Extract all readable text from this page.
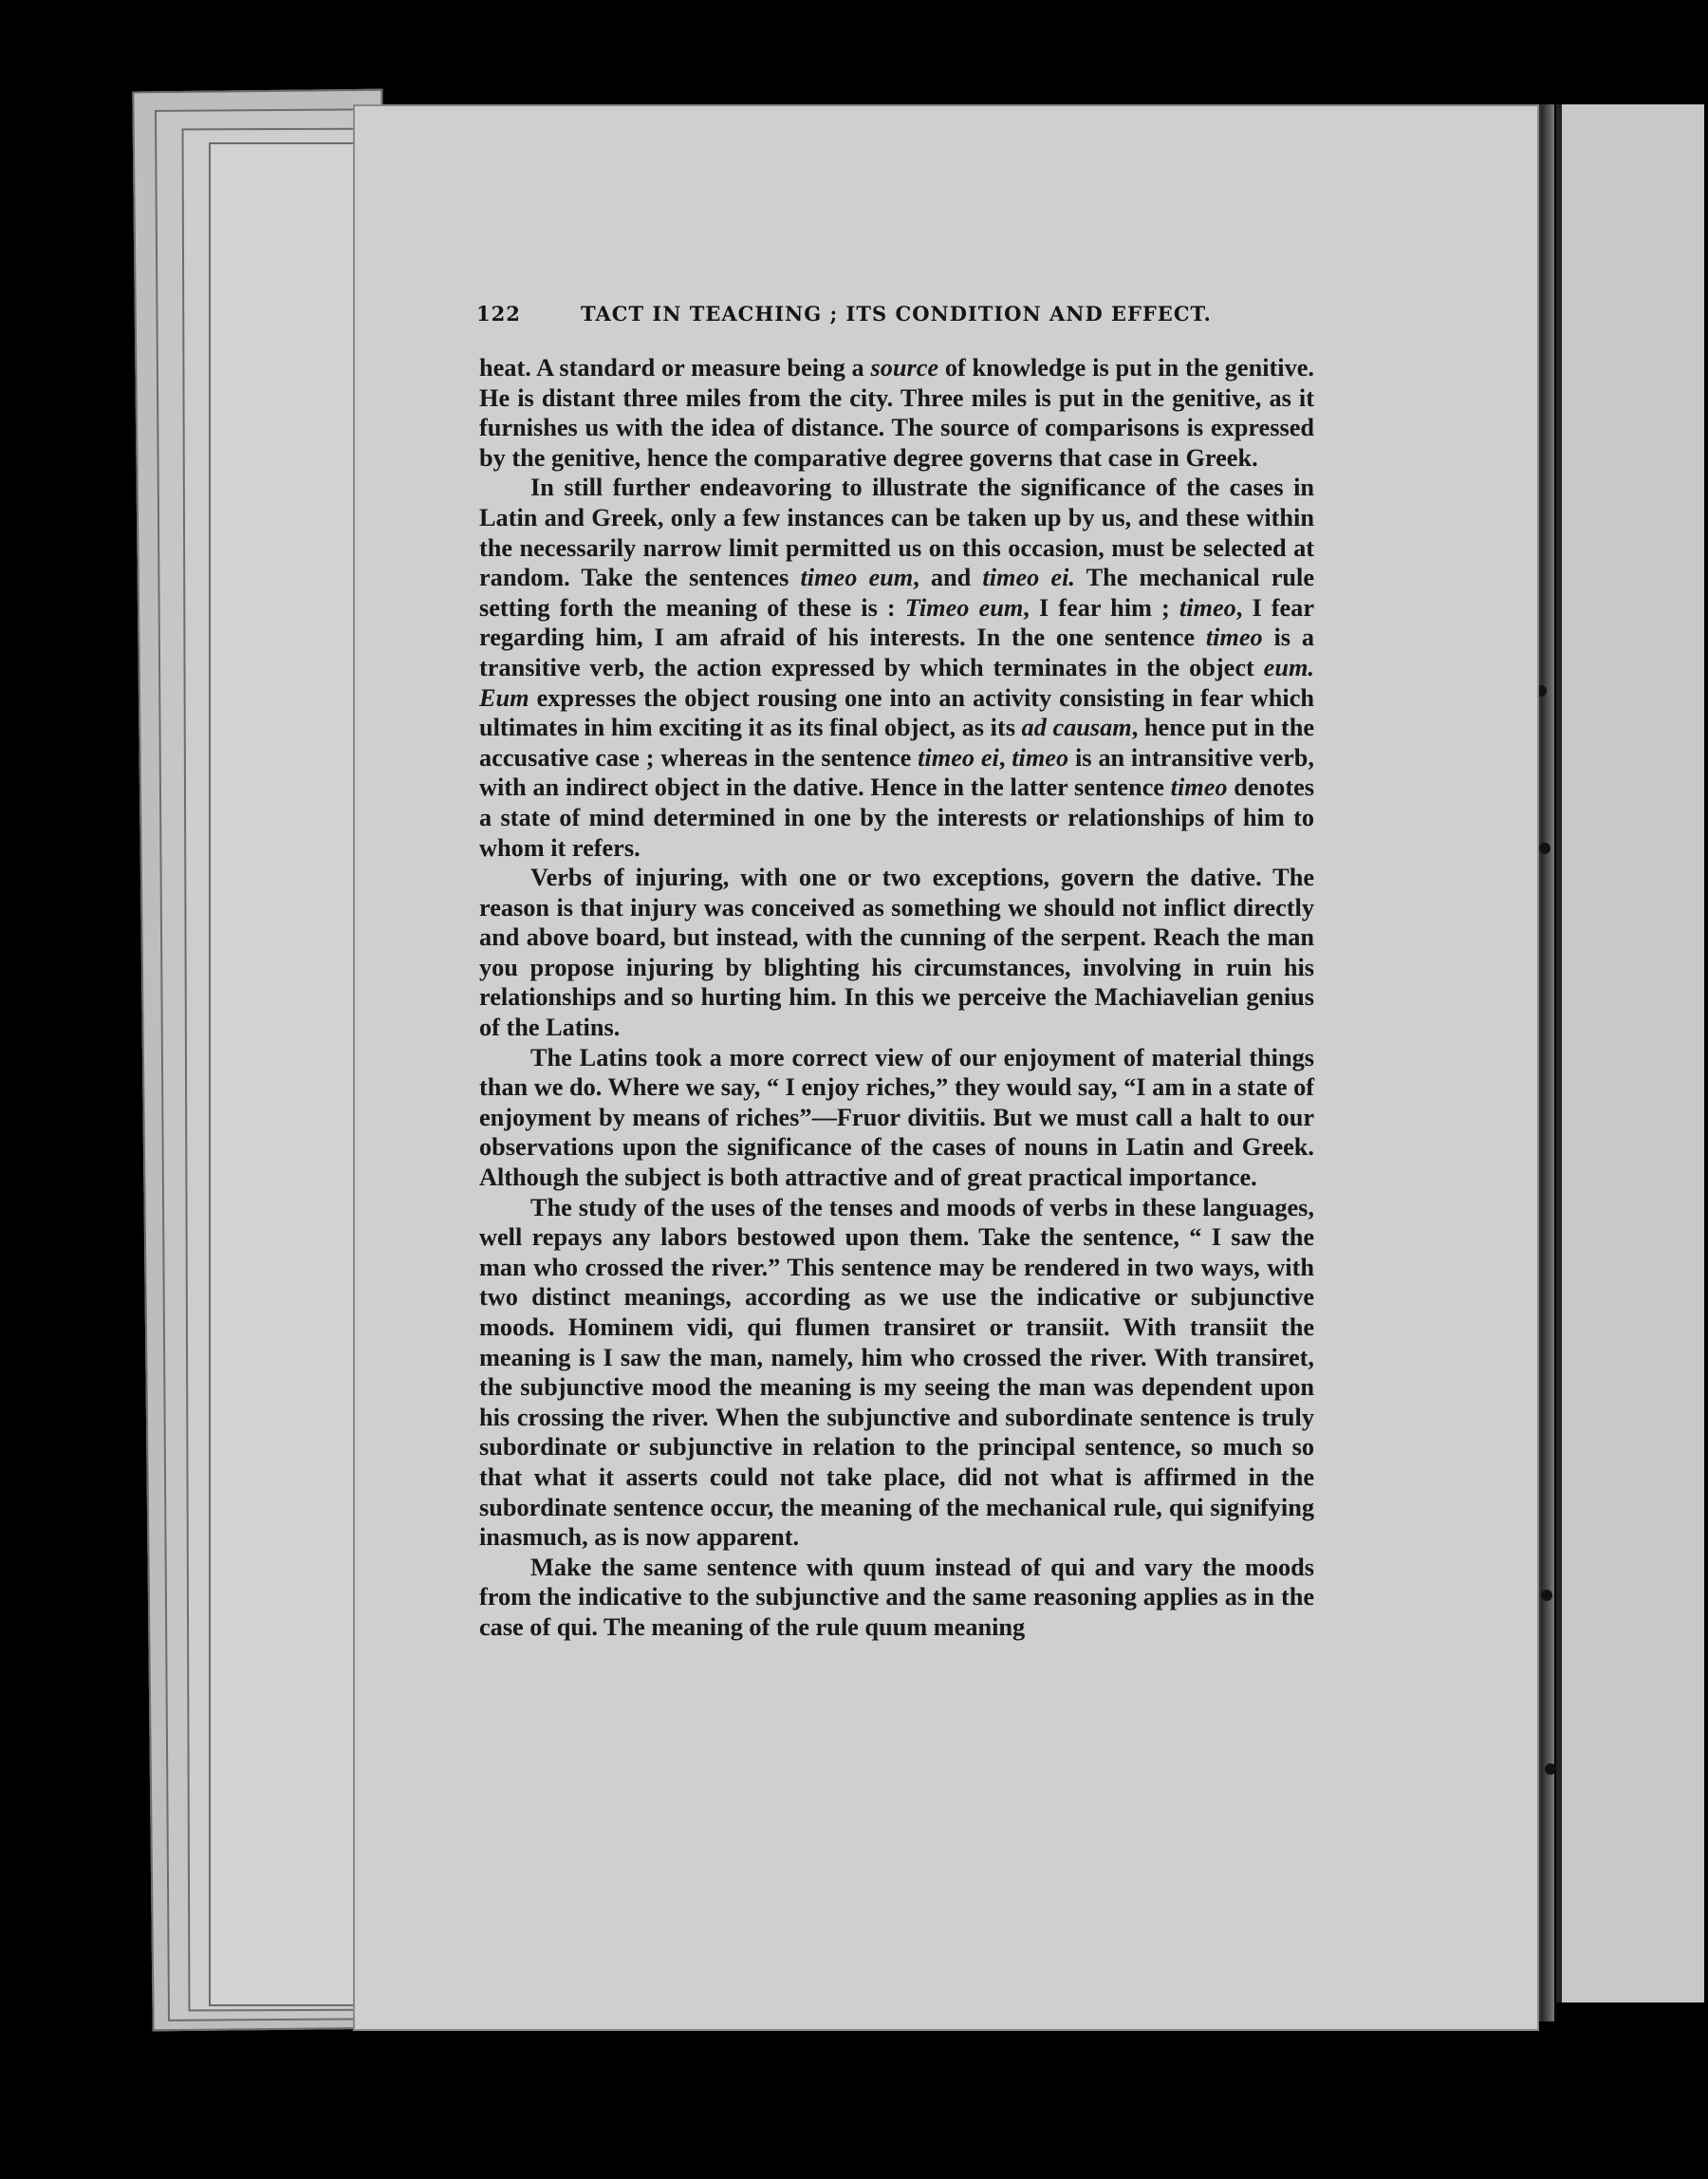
122	TACT IN TEACHING ; ITS CONDITION AND EFFECT.

heat. A standard or measure being a source of knowledge is put in the genitive. He is distant three miles from the city. Three miles is put in the genitive, as it furnishes us with the idea of distance. The source of comparisons is expressed by the genitive, hence the comparative degree governs that case in Greek.

In still further endeavoring to illustrate the significance of the cases in Latin and Greek, only a few instances can be taken up by us, and these within the necessarily narrow limit permitted us on this occasion, must be selected at random. Take the sentences timeo eum, and timeo ei. The mechanical rule setting forth the meaning of these is : Timeo eum, I fear him ; timeo, I fear regarding him, I am afraid of his interests. In the one sentence timeo is a transitive verb, the action expressed by which terminates in the object eum. Eum expresses the object rousing one into an activity consisting in fear which ultimates in him exciting it as its final object, as its ad causam, hence put in the accusative case ; whereas in the sentence timeo ei, timeo is an intransitive verb, with an indirect object in the dative. Hence in the latter sentence timeo denotes a state of mind determined in one by the interests or relationships of him to whom it refers.

Verbs of injuring, with one or two exceptions, govern the dative. The reason is that injury was conceived as something we should not inflict directly and above board, but instead, with the cunning of the serpent. Reach the man you propose injuring by blighting his circumstances, involving in ruin his relationships and so hurting him. In this we perceive the Machiavelian genius of the Latins.

The Latins took a more correct view of our enjoyment of material things than we do. Where we say, “ I enjoy riches,” they would say, “I am in a state of enjoyment by means of riches”—Fruor divitiis. But we must call a halt to our observations upon the significance of the cases of nouns in Latin and Greek. Although the subject is both attractive and of great practical importance.

The study of the uses of the tenses and moods of verbs in these languages, well repays any labors bestowed upon them. Take the sentence, “ I saw the man who crossed the river.” This sentence may be rendered in two ways, with two distinct meanings, according as we use the indicative or subjunctive moods. Hominem vidi, qui flumen transiret or transiit. With transiit the meaning is I saw the man, namely, him who crossed the river. With transiret, the subjunctive mood the meaning is my seeing the man was dependent upon his crossing the river. When the subjunctive and subordinate sentence is truly subordinate or subjunctive in relation to the principal sentence, so much so that what it asserts could not take place, did not what is affirmed in the subordinate sentence occur, the meaning of the mechanical rule, qui signifying inasmuch, as is now apparent.

Make the same sentence with quum instead of qui and vary the moods from the indicative to the subjunctive and the same reasoning applies as in the case of qui. The meaning of the rule quum meaning
